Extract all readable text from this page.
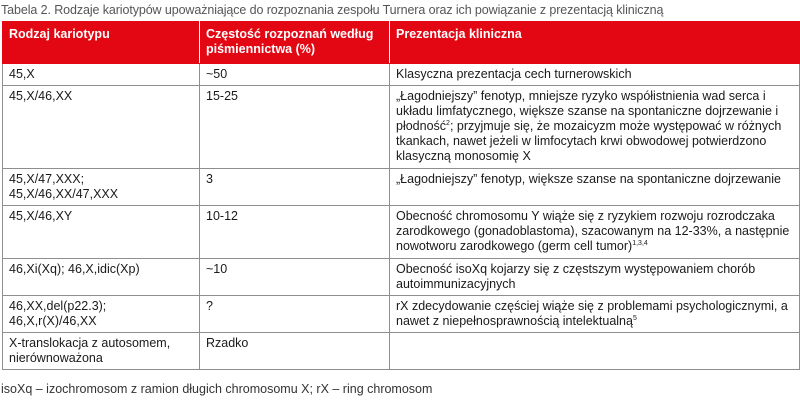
Tabela 2. Rodzaje kariotypów upoważniające do rozpoznania zespołu Turnera oraz ich powiązanie z prezentacją kliniczną
Rodzaj kariotypu	Częstość rozpoznań według piśmiennictwa (%)	Prezentacja kliniczna
45,X	~50	Klasyczna prezentacja cech turnerowskich
45,X/46,XX	15-25	„Łagodniejszy” fenotyp, mniejsze ryzyko współistnienia wad serca i układu limfatycznego, większe szanse na spontaniczne dojrzewanie i płodność$^2$; przyjmuje się, że mozaicyzm może występować w różnych tkankach, nawet jeżeli w limfocytach krwi obwodowej potwierdzono klasyczną monosomię X
45,X/47,XXX; 45,X/46,XX/47,XXX	3	„Łagodniejszy” fenotyp, większe szanse na spontaniczne dojrzewanie
45,X/46,XY	10-12	Obecność chromosomu Y wiąże się z ryzykiem rozwoju rozrodczaka zarodkowego (gonadoblastoma), szacowanym na 12-33%, a następnie nowotworu zarodkowego (germ cell tumor)$^{1,3,4}$
46,Xi(Xq); 46,X,idic(Xp)	~10	Obecność isoXq kojarzy się z częstszym występowaniem chorób autoimmunizacyjnych
46,XX,del(p22.3); 46,X,r(X)/46,XX	?	rX zdecydowanie częściej wiąże się z problemami psychologicznymi, a nawet z niepełnosprawnością intelektualną$^5$
X-translokacja z autosomem, nierównoważona	Rzadko	
isoXq – izochromosom z ramion długich chromosomu X; rX – ring chromosom
